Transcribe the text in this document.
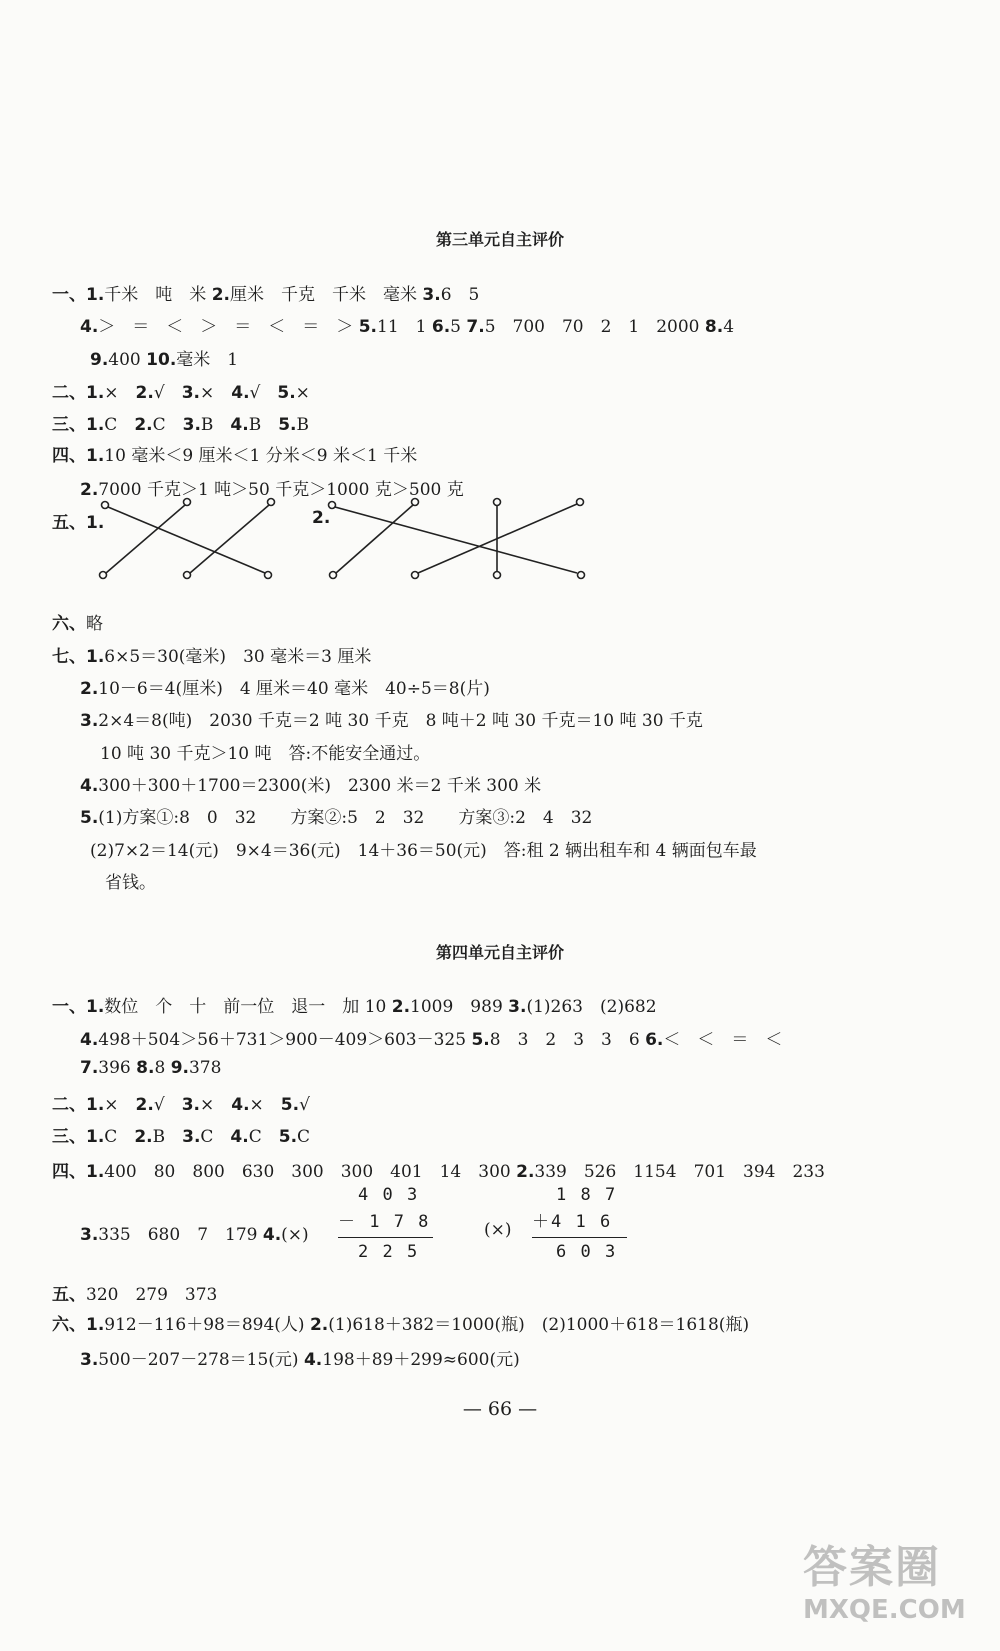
第三单元自主评价
一、1.千米　吨　米 2.厘米　千克　千米　毫米 3.6　5
4.＞　＝　＜　＞　＝　＜　＝　＞ 5.11　1 6.5 7.5　700　70　2　1　2000 8.4
9.400 10.毫米　1
二、1.×　2.√　3.×　4.√　5.×
三、1.C　2.C　3.B　4.B　5.B
四、1.10 毫米＜9 厘米＜1 分米＜9 米＜1 千米
2.7000 千克＞1 吨＞50 千克＞1000 克＞500 克
五、1.	2.
六、略
七、1.6×5＝30(毫米)　30 毫米＝3 厘米
2.10－6＝4(厘米)　4 厘米＝40 毫米　40÷5＝8(片)
3.2×4＝8(吨)　2030 千克＝2 吨 30 千克　8 吨＋2 吨 30 千克＝10 吨 30 千克
10 吨 30 千克＞10 吨　答:不能安全通过。
4.300＋300＋1700＝2300(米)　2300 米＝2 千米 300 米
5.(1)方案①:8　0　32　　方案②:5　2　32　　方案③:2　4　32
(2)7×2＝14(元)　9×4＝36(元)　14＋36＝50(元)　答:租 2 辆出租车和 4 辆面包车最
省钱。
第四单元自主评价
一、1.数位　个　十　前一位　退一　加 10 2.1009　989 3.(1)263　(2)682
4.498＋504＞56＋731＞900－409＞603－325 5.8　3　2　3　3　6 6.＜　＜　＝　＜
7.396 8.8 9.378
二、1.×　2.√　3.×　4.×　5.√
三、1.C　2.B　3.C　4.C　5.C
四、1.400　80　800　630　300　300　401　14　300 2.339　526　1154　701　394　233
3.335　680　7　179 4.(×)	(×)
五、320　279　373
六、1.912－116＋98＝894(人) 2.(1)618＋382＝1000(瓶)　(2)1000＋618＝1618(瓶)
3.500－207－278＝15(元) 4.198＋89＋299≈600(元)
4 0 3
－ 1 7 8
2 2 5
1 8 7
＋4 1 6
6 0 3
— 66 —
答案圈
MXQE.COM
